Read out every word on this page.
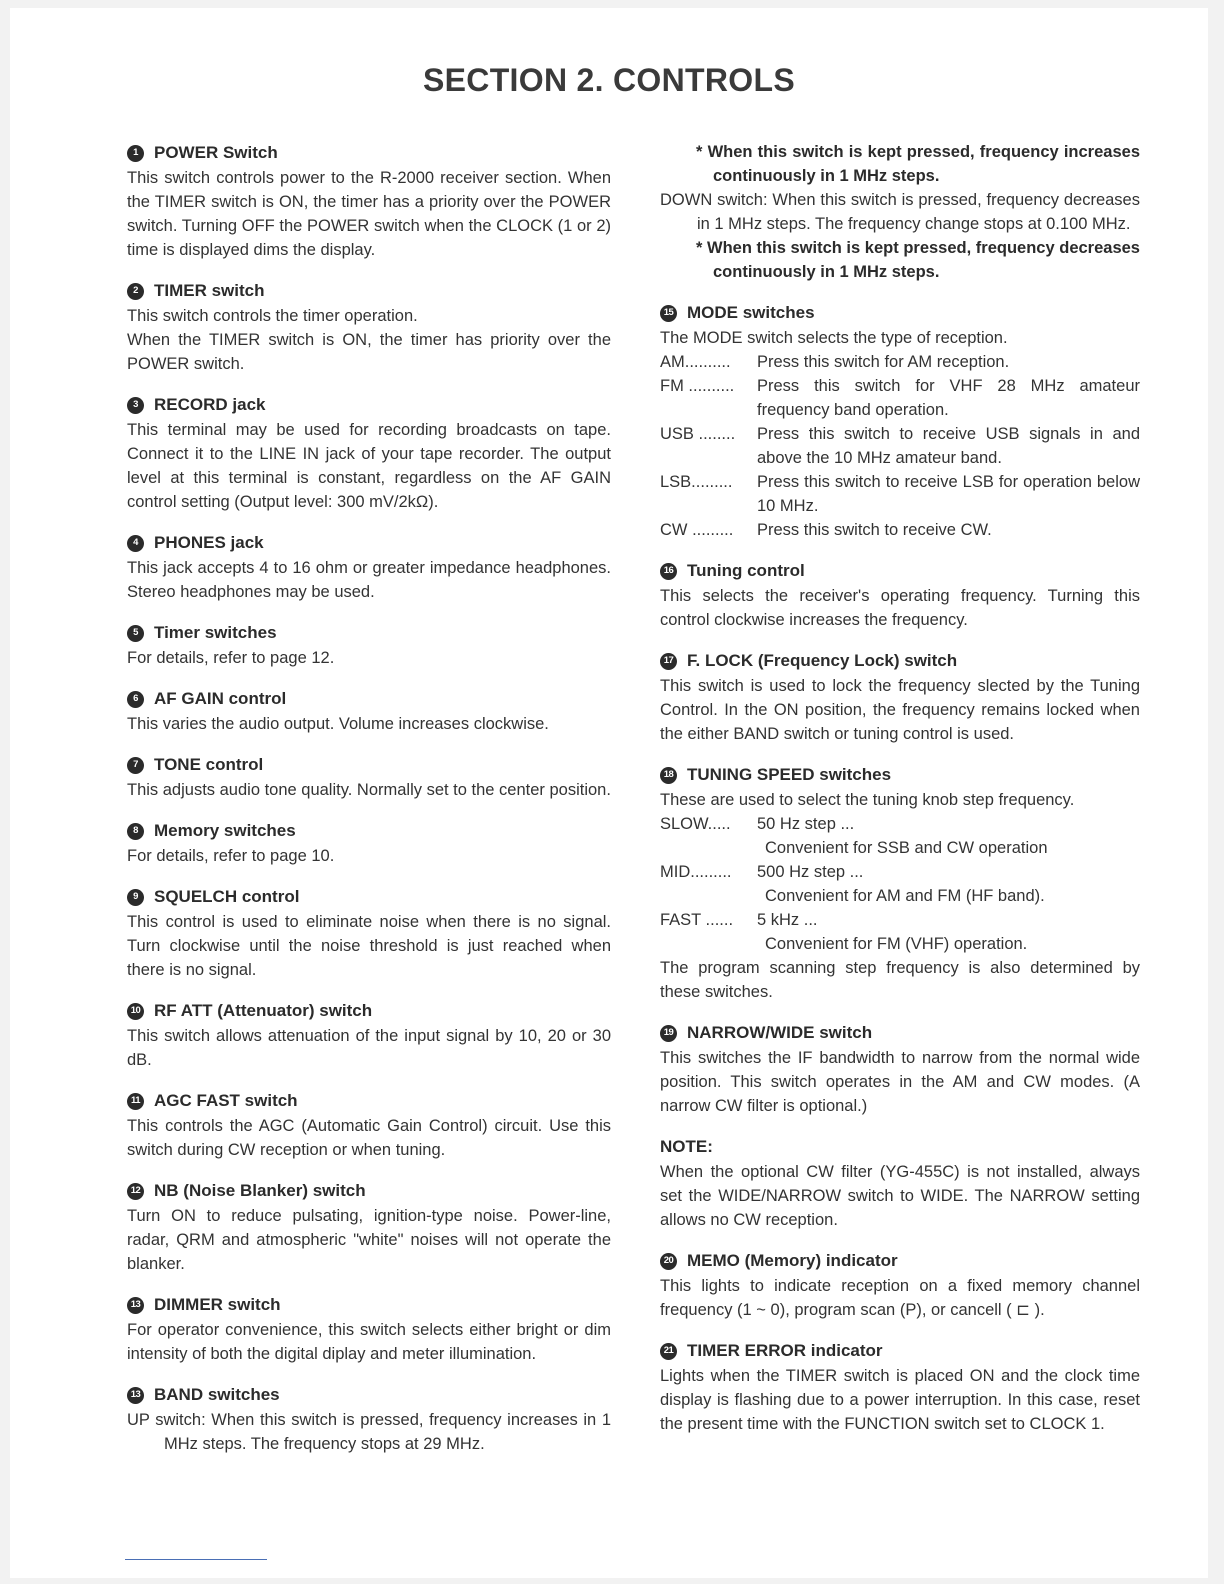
SECTION 2. CONTROLS
1 POWER Switch

This switch controls power to the R-2000 receiver section. When the TIMER switch is ON, the timer has a priority over the POWER switch. Turning OFF the POWER switch when the CLOCK (1 or 2) time is displayed dims the display.

2 TIMER switch

This switch controls the timer operation.

When the TIMER switch is ON, the timer has priority over the POWER switch.

3 RECORD jack

This terminal may be used for recording broadcasts on tape. Connect it to the LINE IN jack of your tape recorder. The output level at this terminal is constant, regardless on the AF GAIN control setting (Output level: 300 mV/2kΩ).

4 PHONES jack

This jack accepts 4 to 16 ohm or greater impedance headphones. Stereo headphones may be used.

5 Timer switches

For details, refer to page 12.

6 AF GAIN control

This varies the audio output. Volume increases clockwise.

7 TONE control

This adjusts audio tone quality. Normally set to the center position.

8 Memory switches

For details, refer to page 10.

9 SQUELCH control

This control is used to eliminate noise when there is no signal. Turn clockwise until the noise threshold is just reached when there is no signal.

10 RF ATT (Attenuator) switch

This switch allows attenuation of the input signal by 10, 20 or 30 dB.

11 AGC FAST switch

This controls the AGC (Automatic Gain Control) circuit. Use this switch during CW reception or when tuning.

12 NB (Noise Blanker) switch

Turn ON to reduce pulsating, ignition-type noise. Power-line, radar, QRM and atmospheric "white" noises will not operate the blanker.

13 DIMMER switch

For operator convenience, this switch selects either bright or dim intensity of both the digital diplay and meter illumination.

13 BAND switches

UP switch: When this switch is pressed, frequency increases in 1 MHz steps. The frequency stops at 29 MHz.

* When this switch is kept pressed, frequency increases continuously in 1 MHz steps.

DOWN switch: When this switch is pressed, frequency decreases in 1 MHz steps. The frequency change stops at 0.100 MHz.

* When this switch is kept pressed, frequency decreases continuously in 1 MHz steps.

15 MODE switches

The MODE switch selects the type of reception.

AM..........	Press this switch for AM reception.
FM ..........	Press this switch for VHF 28 MHz amateur frequency band operation.
USB ........	Press this switch to receive USB signals in and above the 10 MHz amateur band.
LSB.........	Press this switch to receive LSB for operation below 10 MHz.
CW .........	Press this switch to receive CW.
16 Tuning control

This selects the receiver's operating frequency. Turning this control clockwise increases the frequency.

17 F. LOCK (Frequency Lock) switch

This switch is used to lock the frequency slected by the Tuning Control. In the ON position, the frequency remains locked when the either BAND switch or tuning control is used.

18 TUNING SPEED switches

These are used to select the tuning knob step frequency.

SLOW.....	50 Hz step ...

Convenient for SSB and CW operation

MID.........	500 Hz step ...

Convenient for AM and FM (HF band).

FAST ......	5 kHz ...

Convenient for FM (VHF) operation.

The program scanning step frequency is also determined by these switches.

19 NARROW/WIDE switch

This switches the IF bandwidth to narrow from the normal wide position. This switch operates in the AM and CW modes. (A narrow CW filter is optional.)

NOTE:

When the optional CW filter (YG-455C) is not installed, always set the WIDE/NARROW switch to WIDE. The NARROW setting allows no CW reception.

20 MEMO (Memory) indicator

This lights to indicate reception on a fixed memory channel frequency (1 ~ 0), program scan (P), or cancell ( ⊏ ).

21 TIMER ERROR indicator

Lights when the TIMER switch is placed ON and the clock time display is flashing due to a power interruption. In this case, reset the present time with the FUNCTION switch set to CLOCK 1.
